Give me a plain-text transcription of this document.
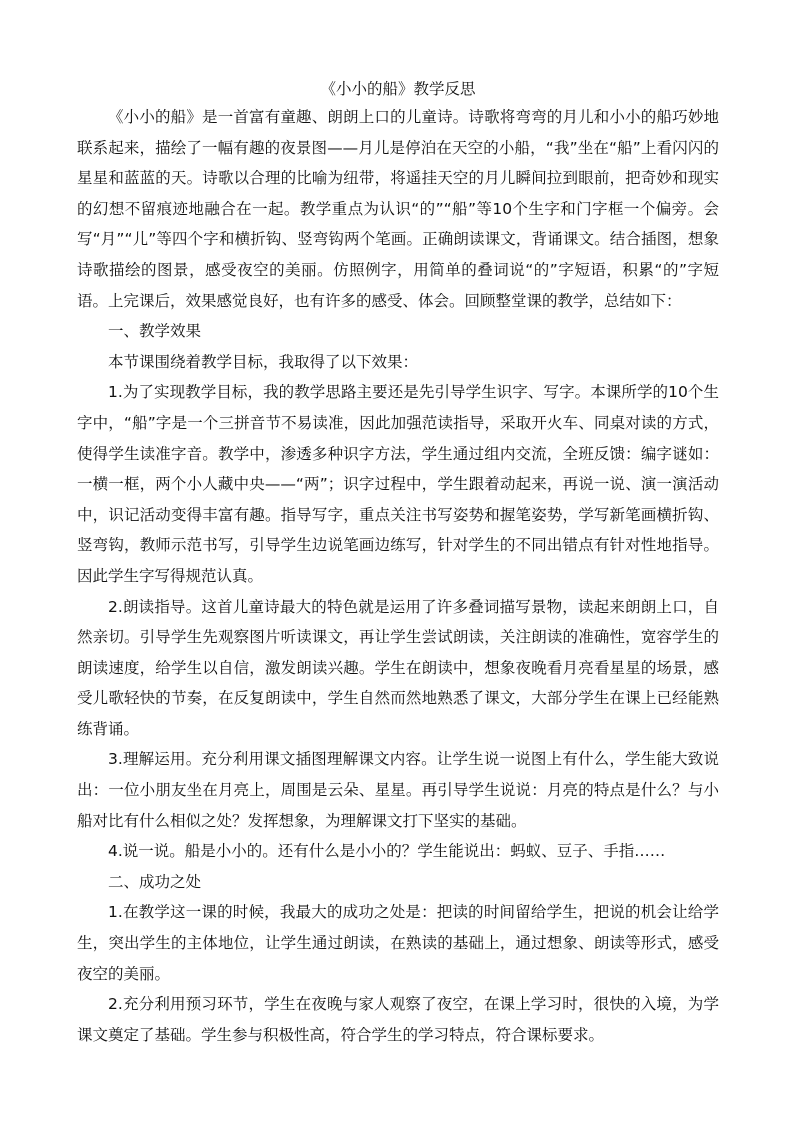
《小小的船》教学反思

《小小的船》是一首富有童趣、朗朗上口的儿童诗。诗歌将弯弯的月儿和小小的船巧妙地联系起来，描绘了一幅有趣的夜景图——月儿是停泊在天空的小船，“我”坐在“船”上看闪闪的星星和蓝蓝的天。诗歌以合理的比喻为纽带，将遥挂天空的月儿瞬间拉到眼前，把奇妙和现实的幻想不留痕迹地融合在一起。教学重点为认识“的”“船”等10个生字和门字框一个偏旁。会写“月”“儿”等四个字和横折钩、竖弯钩两个笔画。正确朗读课文，背诵课文。结合插图，想象诗歌描绘的图景，感受夜空的美丽。仿照例字，用简单的叠词说“的”字短语，积累“的”字短语。上完课后，效果感觉良好，也有许多的感受、体会。回顾整堂课的教学，总结如下：

一、教学效果

本节课围绕着教学目标，我取得了以下效果：

1.为了实现教学目标，我的教学思路主要还是先引导学生识字、写字。本课所学的10个生字中，“船”字是一个三拼音节不易读准，因此加强范读指导，采取开火车、同桌对读的方式，使得学生读准字音。教学中，渗透多种识字方法，学生通过组内交流，全班反馈：编字谜如：一横一框，两个小人藏中央——“两”；识字过程中，学生跟着动起来，再说一说、演一演活动中，识记活动变得丰富有趣。指导写字，重点关注书写姿势和握笔姿势，学写新笔画横折钩、竖弯钩，教师示范书写，引导学生边说笔画边练写，针对学生的不同出错点有针对性地指导。因此学生字写得规范认真。

2.朗读指导。这首儿童诗最大的特色就是运用了许多叠词描写景物，读起来朗朗上口，自然亲切。引导学生先观察图片听读课文，再让学生尝试朗读，关注朗读的准确性，宽容学生的朗读速度，给学生以自信，激发朗读兴趣。学生在朗读中，想象夜晚看月亮看星星的场景，感受儿歌轻快的节奏，在反复朗读中，学生自然而然地熟悉了课文，大部分学生在课上已经能熟练背诵。

3.理解运用。充分利用课文插图理解课文内容。让学生说一说图上有什么，学生能大致说出：一位小朋友坐在月亮上，周围是云朵、星星。再引导学生说说：月亮的特点是什么？与小船对比有什么相似之处？发挥想象，为理解课文打下坚实的基础。

4.说一说。船是小小的。还有什么是小小的？学生能说出：蚂蚁、豆子、手指……

二、成功之处

1.在教学这一课的时候，我最大的成功之处是：把读的时间留给学生，把说的机会让给学生，突出学生的主体地位，让学生通过朗读，在熟读的基础上，通过想象、朗读等形式，感受夜空的美丽。

2.充分利用预习环节，学生在夜晚与家人观察了夜空，在课上学习时，很快的入境，为学课文奠定了基础。学生参与积极性高，符合学生的学习特点，符合课标要求。
